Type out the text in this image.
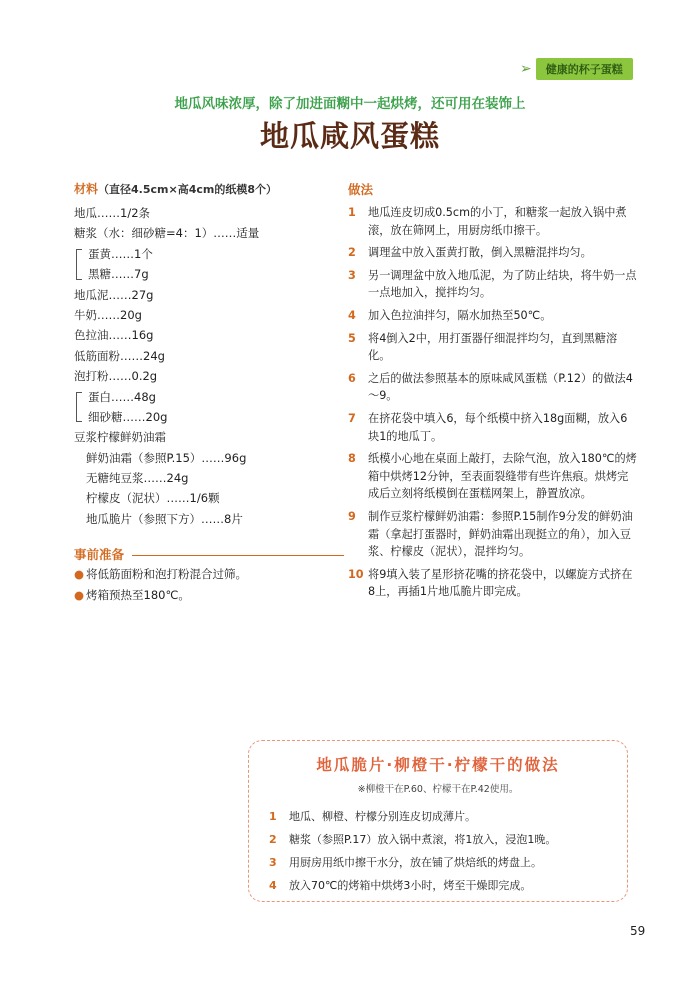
➢	健康的杯子蛋糕
地瓜风味浓厚，除了加进面糊中一起烘烤，还可用在装饰上
地瓜咸风蛋糕
材料（直径4.5cm×高4cm的纸模8个）
地瓜……1/2条
糖浆（水：细砂糖=4：1）……适量
蛋黄……1个
黑糖……7g
地瓜泥……27g
牛奶……20g
色拉油……16g
低筋面粉……24g
泡打粉……0.2g
蛋白……48g
细砂糖……20g
豆浆柠檬鲜奶油霜
鲜奶油霜（参照P.15）……96g
无糖纯豆浆……24g
柠檬皮（泥状）……1/6颗
地瓜脆片（参照下方）……8片
事前准备
● 将低筋面粉和泡打粉混合过筛。
● 烤箱预热至180℃。
做法
1	地瓜连皮切成0.5cm的小丁，和糖浆一起放入锅中煮滚，放在筛网上，用厨房纸巾擦干。
2	调理盆中放入蛋黄打散，倒入黑糖混拌均匀。
3	另一调理盆中放入地瓜泥，为了防止结块，将牛奶一点一点地加入，搅拌均匀。
4	加入色拉油拌匀，隔水加热至50℃。
5	将4倒入2中，用打蛋器仔细混拌均匀，直到黑糖溶化。
6	之后的做法参照基本的原味咸风蛋糕（P.12）的做法4～9。
7	在挤花袋中填入6，每个纸模中挤入18g面糊，放入6块1的地瓜丁。
8	纸模小心地在桌面上敲打，去除气泡，放入180℃的烤箱中烘烤12分钟，至表面裂缝带有些许焦痕。烘烤完成后立刻将纸模倒在蛋糕网架上，静置放凉。
9	制作豆浆柠檬鲜奶油霜：参照P.15制作9分发的鲜奶油霜（拿起打蛋器时，鲜奶油霜出现挺立的角），加入豆浆、柠檬皮（泥状），混拌均匀。
10 将9填入装了星形挤花嘴的挤花袋中，以螺旋方式挤在8上，再插1片地瓜脆片即完成。
地瓜脆片·柳橙干·柠檬干的做法
※柳橙干在P.60、柠檬干在P.42使用。
1	地瓜、柳橙、柠檬分别连皮切成薄片。
2	糖浆（参照P.17）放入锅中煮滚，将1放入，浸泡1晚。
3	用厨房用纸巾擦干水分，放在铺了烘焙纸的烤盘上。
4	放入70℃的烤箱中烘烤3小时，烤至干燥即完成。
59
